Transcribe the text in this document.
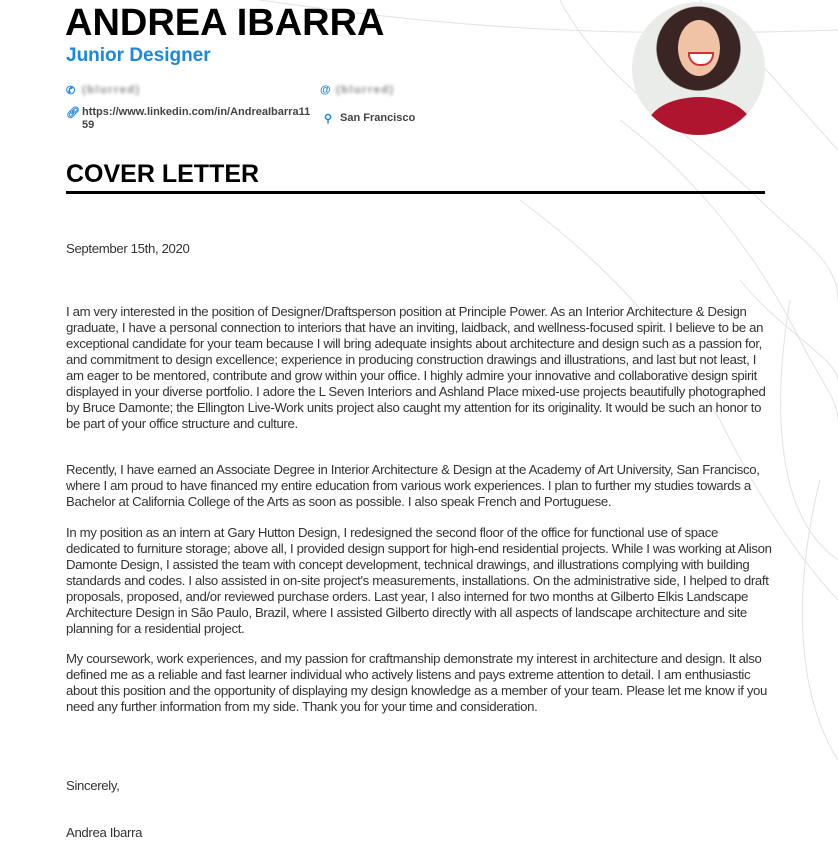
ANDREA IBARRA
Junior Designer
✆ (blurred)	@ (blurred)
🔗︎ https://www.linkedin.com/in/AndreaIbarra1159	⚲ San Francisco
COVER LETTER

September 15th, 2020

I am very interested in the position of Designer/Draftsperson position at Principle Power. As an Interior Architecture & Design graduate, I have a personal connection to interiors that have an inviting, laidback, and wellness-focused spirit. I believe to be an exceptional candidate for your team because I will bring adequate insights about architecture and design such as a passion for, and commitment to design excellence; experience in producing construction drawings and illustrations, and last but not least, I am eager to be mentored, contribute and grow within your office. I highly admire your innovative and collaborative design spirit displayed in your diverse portfolio. I adore the L Seven Interiors and Ashland Place mixed-use projects beautifully photographed by Bruce Damonte; the Ellington Live-Work units project also caught my attention for its originality. It would be such an honor to be part of your office structure and culture.

Recently, I have earned an Associate Degree in Interior Architecture & Design at the Academy of Art University, San Francisco, where I am proud to have financed my entire education from various work experiences. I plan to further my studies towards a Bachelor at California College of the Arts as soon as possible. I also speak French and Portuguese.

In my position as an intern at Gary Hutton Design, I redesigned the second floor of the office for functional use of space dedicated to furniture storage; above all, I provided design support for high-end residential projects. While I was working at Alison Damonte Design, I assisted the team with concept development, technical drawings, and illustrations complying with building standards and codes. I also assisted in on-site project's measurements, installations. On the administrative side, I helped to draft proposals, proposed, and/or reviewed purchase orders. Last year, I also interned for two months at Gilberto Elkis Landscape Architecture Design in São Paulo, Brazil, where I assisted Gilberto directly with all aspects of landscape architecture and site planning for a residential project.

My coursework, work experiences, and my passion for craftmanship demonstrate my interest in architecture and design. It also defined me as a reliable and fast learner individual who actively listens and pays extreme attention to detail. I am enthusiastic about this position and the opportunity of displaying my design knowledge as a member of your team. Please let me know if you need any further information from my side. Thank you for your time and consideration.

Sincerely,

Andrea Ibarra
